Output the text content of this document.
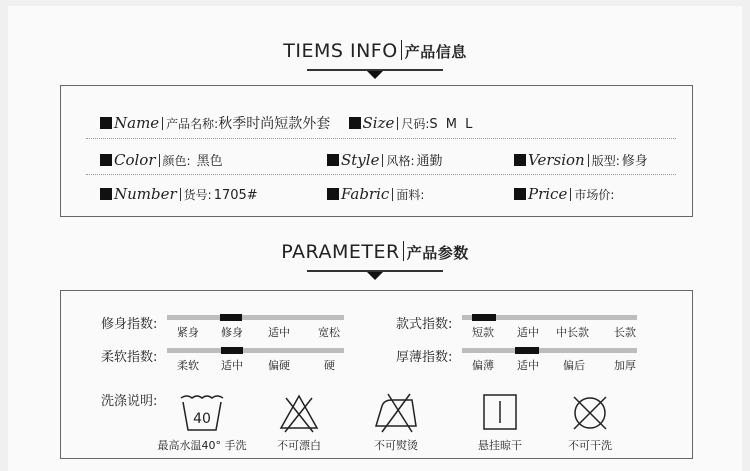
TIEMS INFO 产品信息
Name 产品名称:秋季时尚短款外套 Size 尺码:S M L
Color 颜色: 黑色	Style 风格: 通勤	Version 版型: 修身
Number 货号: 1705#	Fabric 面料:	Price 市场价:
PARAMETER 产品参数
修身指数:
紧身 修身 适中	宽松
柔软指数:
柔软 适中 偏硬	硬
款式指数:
短款 适中 中长款 长款
厚薄指数:
偏薄 适中 偏后	加厚
洗涤说明:
40
最高水温40° 手洗	不可漂白	不可熨烫	悬挂晾干	不可干洗
